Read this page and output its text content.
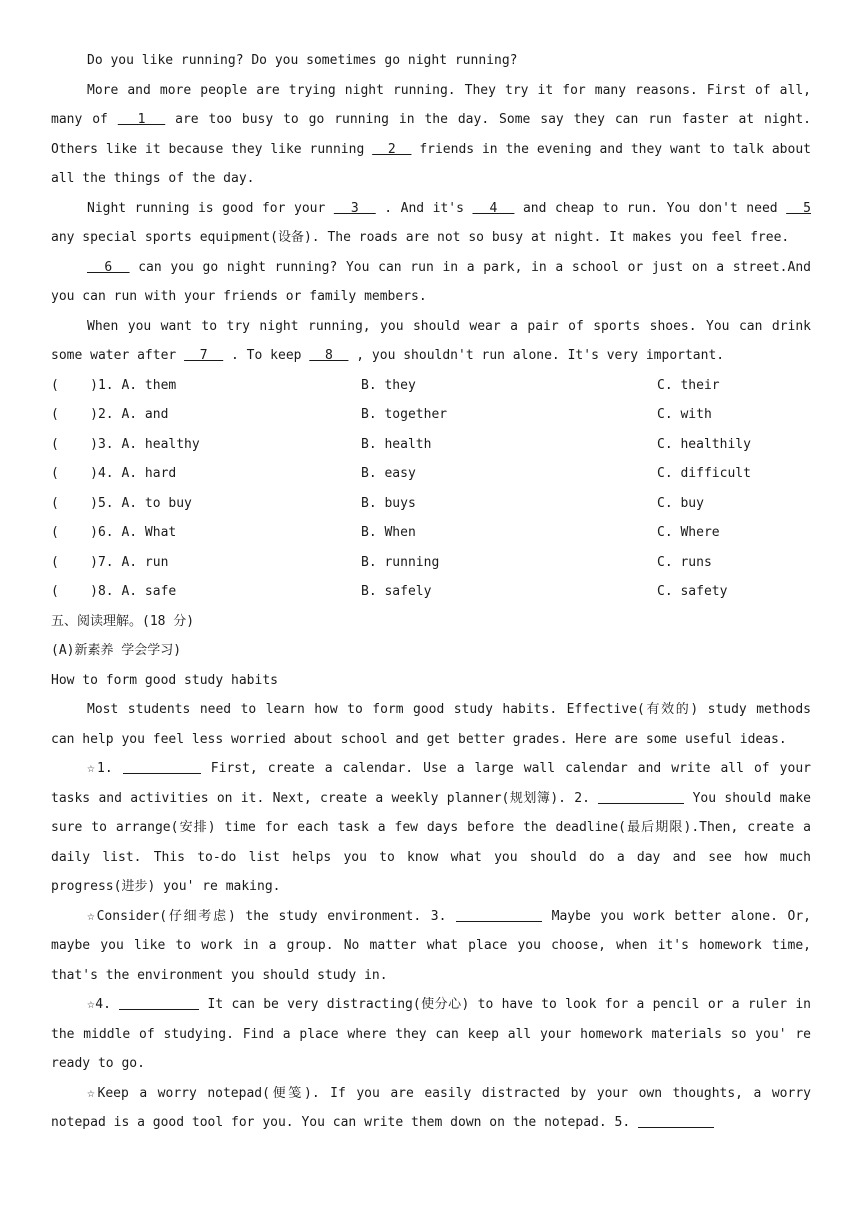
Do you like running? Do you sometimes go night running?

More and more people are trying night running. They try it for many reasons. First of all, many of   1   are too busy to go running in the day. Some say they can run faster at night. Others like it because they like running   2   friends in the evening and they want to talk about all the things of the day.

Night running is good for your   3   . And it's   4   and cheap to run. You don't need   5 any special sports equipment(设备). The roads are not so busy at night. It makes you feel free.

6   can you go night running? You can run in a park, in a school or just on a street.And you can run with your friends or family members.

When you want to try night running, you should wear a pair of sports shoes. You can drink some water after   7   . To keep   8   , you shouldn't run alone. It's very important.

(    )1. A. them	B. they	C. their
(    )2. A. and	B. together	C. with
(    )3. A. healthy	B. health	C. healthily
(    )4. A. hard	B. easy	C. difficult
(    )5. A. to buy	B. buys	C. buy
(    )6. A. What	B. When	C. Where
(    )7. A. run	B. running	C. runs
(    )8. A. safe	B. safely	C. safety

五、阅读理解。(18 分)

(A)新素养 学会学习)

How to form good study habits

Most students need to learn how to form good study habits. Effective(有效的) study methods can help you feel less worried about school and get better grades. Here are some useful ideas.

☆1.	First, create a calendar. Use a large wall calendar and write all of your tasks and activities on it. Next, create a weekly planner(规划簿). 2.	You should make sure to arrange(安排) time for each task a few days before the deadline(最后期限).Then, create a daily list. This to-do list helps you to know what you should do a day and see how much progress(进步) you' re making.

☆Consider(仔细考虑) the study environment. 3.	Maybe you work better alone. Or, maybe you like to work in a group. No matter what place you choose, when it's homework time, that's the environment you should study in.

☆4.	It can be very distracting(使分心) to have to look for a pencil or a ruler in the middle of studying. Find a place where they can keep all your homework materials so you' re ready to go.

☆Keep a worry notepad(便笺). If you are easily distracted by your own thoughts, a worry notepad is a good tool for you. You can write them down on the notepad. 5.
